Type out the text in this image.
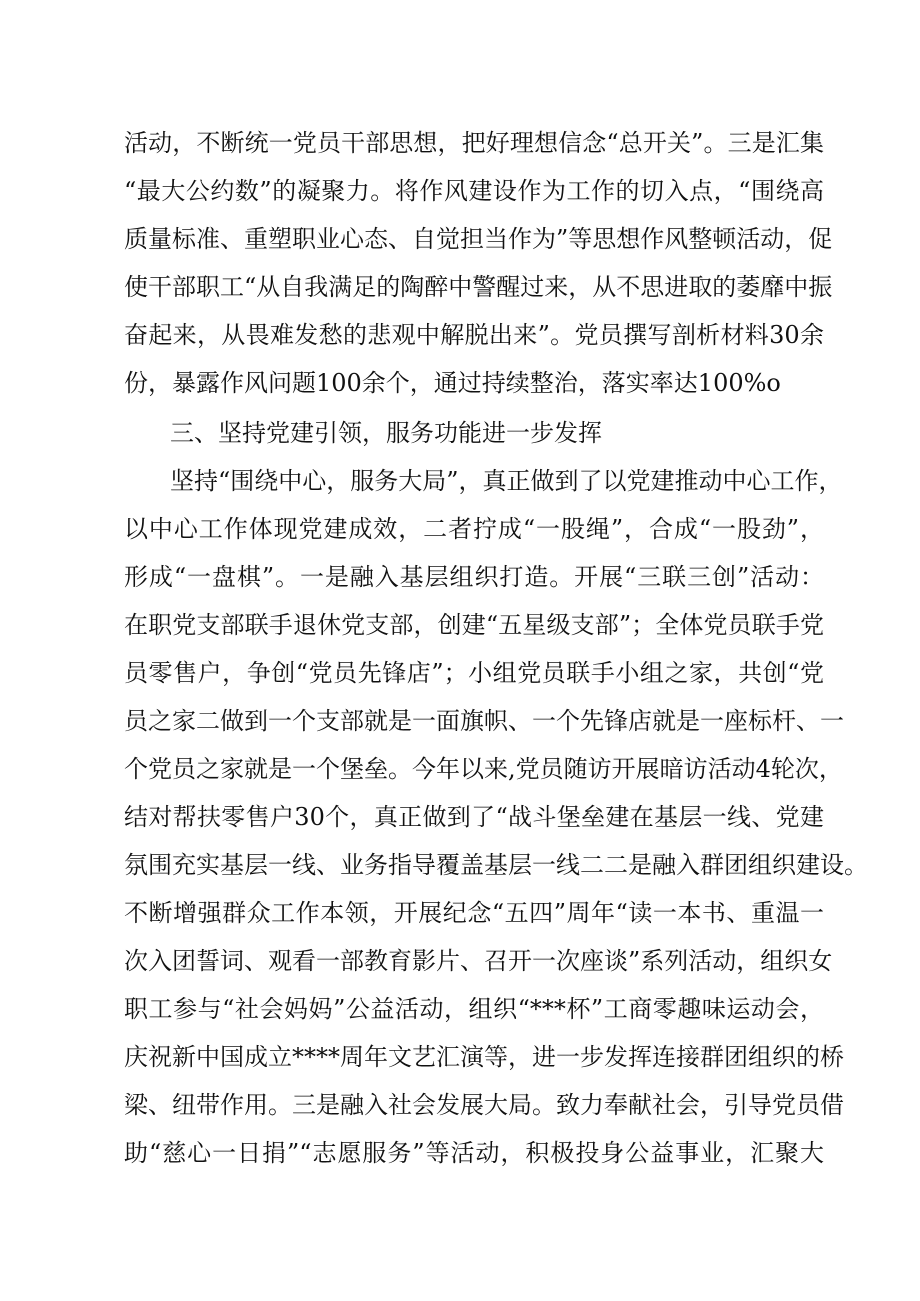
活动，不断统一党员干部思想，把好理想信念“总开关”。三是汇集
“最大公约数”的凝聚力。将作风建设作为工作的切入点，“围绕高
质量标准、重塑职业心态、自觉担当作为”等思想作风整顿活动，促
使干部职工“从自我满足的陶醉中警醒过来，从不思进取的萎靡中振
奋起来，从畏难发愁的悲观中解脱出来”。党员撰写剖析材料30余
份，暴露作风问题100余个，通过持续整治，落实率达100%o
三、坚持党建引领，服务功能进一步发挥
坚持“围绕中心，服务大局”，真正做到了以党建推动中心工作，
以中心工作体现党建成效，二者拧成“一股绳”，合成“一股劲”，
形成“一盘棋”。一是融入基层组织打造。开展“三联三创”活动：
在职党支部联手退休党支部，创建“五星级支部”；全体党员联手党
员零售户，争创“党员先锋店”；小组党员联手小组之家，共创“党
员之家二做到一个支部就是一面旗帜、一个先锋店就是一座标杆、一
个党员之家就是一个堡垒。今年以来,党员随访开展暗访活动4轮次，
结对帮扶零售户30个，真正做到了“战斗堡垒建在基层一线、党建
氛围充实基层一线、业务指导覆盖基层一线二二是融入群团组织建设。
不断增强群众工作本领，开展纪念“五四”周年“读一本书、重温一
次入团誓词、观看一部教育影片、召开一次座谈”系列活动，组织女
职工参与“社会妈妈”公益活动，组织“***杯”工商零趣味运动会，
庆祝新中国成立****周年文艺汇演等，进一步发挥连接群团组织的桥
梁、纽带作用。三是融入社会发展大局。致力奉献社会，引导党员借
助“慈心一日捐”“志愿服务”等活动，积极投身公益事业，汇聚大
